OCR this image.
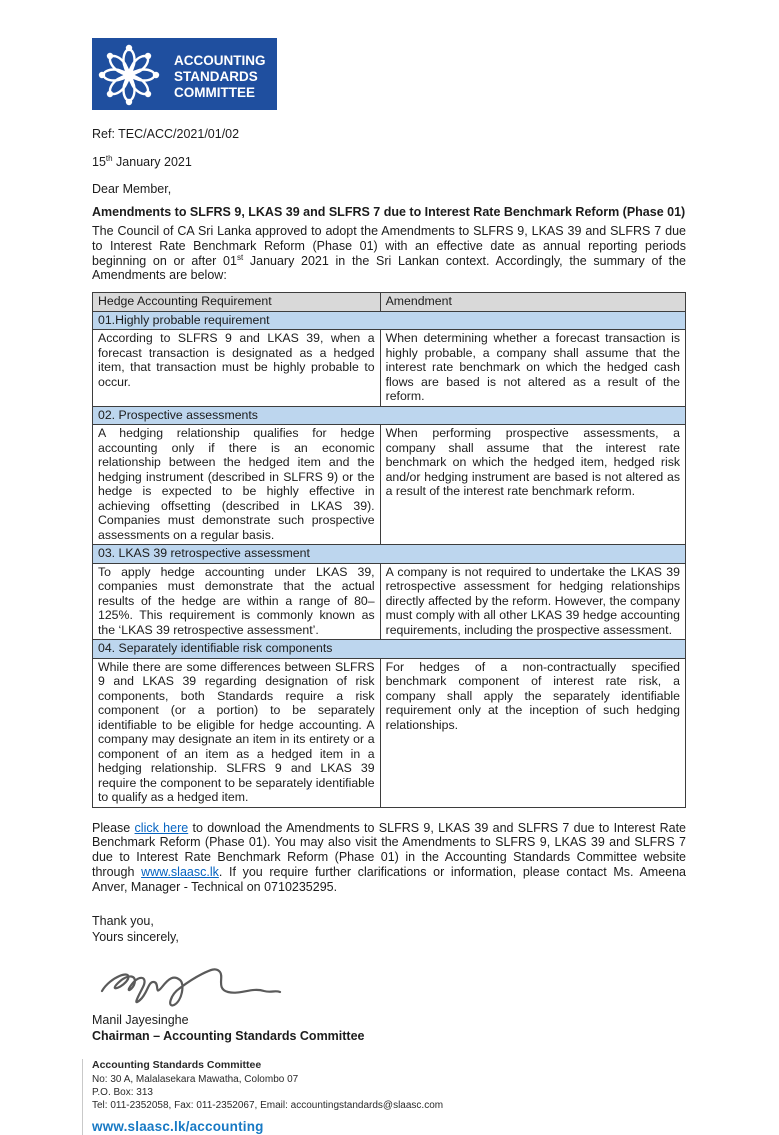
ACCOUNTING
STANDARDS
COMMITTEE
Ref: TEC/ACC/2021/01/02
15th January 2021
Dear Member,
Amendments to SLFRS 9, LKAS 39 and SLFRS 7 due to Interest Rate Benchmark Reform (Phase 01)
The Council of CA Sri Lanka approved to adopt the Amendments to SLFRS 9, LKAS 39 and SLFRS 7 due to Interest Rate Benchmark Reform (Phase 01) with an effective date as annual reporting periods beginning on or after 01st January 2021 in the Sri Lankan context. Accordingly, the summary of the Amendments are below:
Hedge Accounting Requirement	Amendment
01.Highly probable requirement	
According to SLFRS 9 and LKAS 39, when a forecast transaction is designated as a hedged item, that transaction must be highly probable to occur.	When determining whether a forecast transaction is highly probable, a company shall assume that the interest rate benchmark on which the hedged cash flows are based is not altered as a result of the reform.
02. Prospective assessments	
A hedging relationship qualifies for hedge accounting only if there is an economic relationship between the hedged item and the hedging instrument (described in SLFRS 9) or the hedge is expected to be highly effective in achieving offsetting (described in LKAS 39). Companies must demonstrate such prospective assessments on a regular basis.	When performing prospective assessments, a company shall assume that the interest rate benchmark on which the hedged item, hedged risk and/or hedging instrument are based is not altered as a result of the interest rate benchmark reform.
03. LKAS 39 retrospective assessment	
To apply hedge accounting under LKAS 39, companies must demonstrate that the actual results of the hedge are within a range of 80–125%. This requirement is commonly known as the ‘LKAS 39 retrospective assessment’.	A company is not required to undertake the LKAS 39 retrospective assessment for hedging relationships directly affected by the reform. However, the company must comply with all other LKAS 39 hedge accounting requirements, including the prospective assessment.
04. Separately identifiable risk components	
While there are some differences between SLFRS 9 and LKAS 39 regarding designation of risk components, both Standards require a risk component (or a portion) to be separately identifiable to be eligible for hedge accounting. A company may designate an item in its entirety or a component of an item as a hedged item in a hedging relationship. SLFRS 9 and LKAS 39 require the component to be separately identifiable to qualify as a hedged item.	For hedges of a non-contractually specified benchmark component of interest rate risk, a company shall apply the separately identifiable requirement only at the inception of such hedging relationships.
Please click here to download the Amendments to SLFRS 9, LKAS 39 and SLFRS 7 due to Interest Rate Benchmark Reform (Phase 01). You may also visit the Amendments to SLFRS 9, LKAS 39 and SLFRS 7 due to Interest Rate Benchmark Reform (Phase 01) in the Accounting Standards Committee website through www.slaasc.lk. If you require further clarifications or information, please contact Ms. Ameena Anver, Manager - Technical on 0710235295.
Thank you,
Yours sincerely,
Manil Jayesinghe
Chairman – Accounting Standards Committee
Accounting Standards Committee
No: 30 A, Malalasekara Mawatha, Colombo 07
P.O. Box: 313
Tel: 011-2352058, Fax: 011-2352067, Email: accountingstandards@slaasc.com
www.slaasc.lk/accounting
